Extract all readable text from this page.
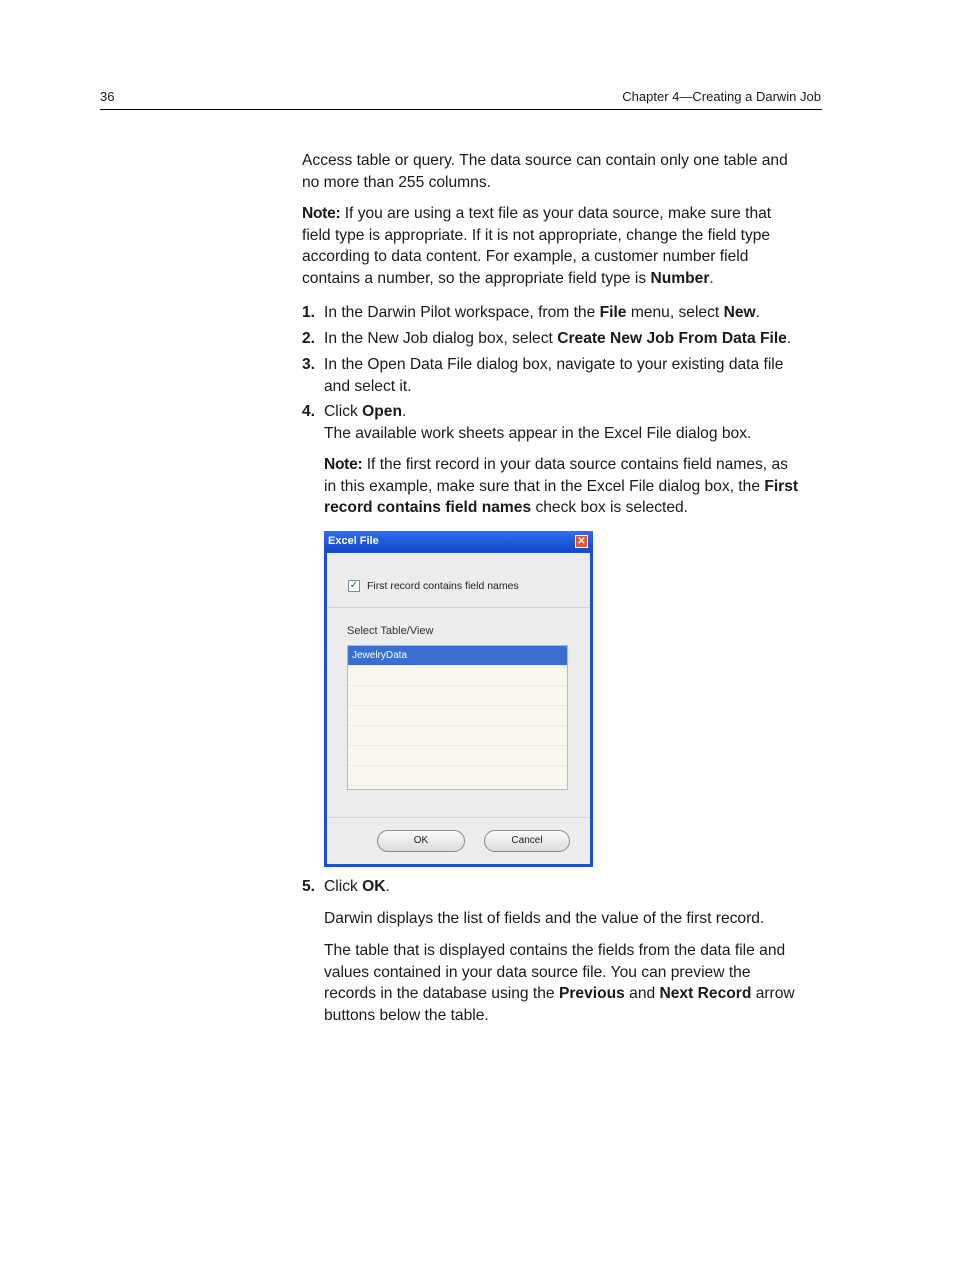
36	Chapter 4—Creating a Darwin Job

Access table or query. The data source can contain only one table and
no more than 255 columns.

Note: If you are using a text file as your data source, make sure that
field type is appropriate. If it is not appropriate, change the field type
according to data content. For example, a customer number field
contains a number, so the appropriate field type is Number.

1. In the Darwin Pilot workspace, from the File menu, select New.
2. In the New Job dialog box, select Create New Job From Data File.
3. In the Open Data File dialog box, navigate to your existing data file
and select it.
4. Click Open.
The available work sheets appear in the Excel File dialog box.

Note: If the first record in your data source contains field names, as
in this example, make sure that in the Excel File dialog box, the First
record contains field names check box is selected.

Excel File	✕
✓ First record contains field names
Select Table/View
JewelryData
OK	Cancel
5. Click OK.

Darwin displays the list of fields and the value of the first record.

The table that is displayed contains the fields from the data file and
values contained in your data source file. You can preview the
records in the database using the Previous and Next Record arrow
buttons below the table.
